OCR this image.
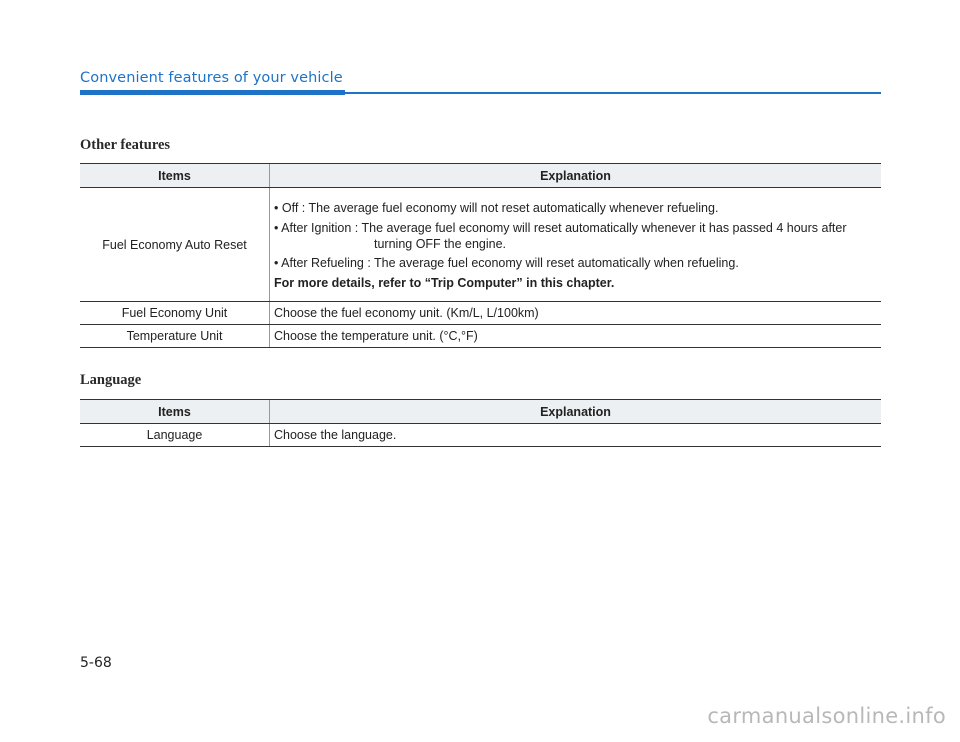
Convenient features of your vehicle
Other features
Items	Explanation
Fuel Economy Auto Reset	• Off : The average fuel economy will not reset automatically whenever refueling.
• After Ignition : The average fuel economy will reset automatically whenever it has passed 4 hours after turning OFF the engine.
• After Refueling : The average fuel economy will reset automatically when refueling.
For more details, refer to “Trip Computer” in this chapter.

Fuel Economy Unit	Choose the fuel economy unit. (Km/L, L/100km)
Temperature Unit	Choose the temperature unit. (°C,°F)
Language
Items	Explanation
Language	Choose the language.
5-68
carmanualsonline.info
